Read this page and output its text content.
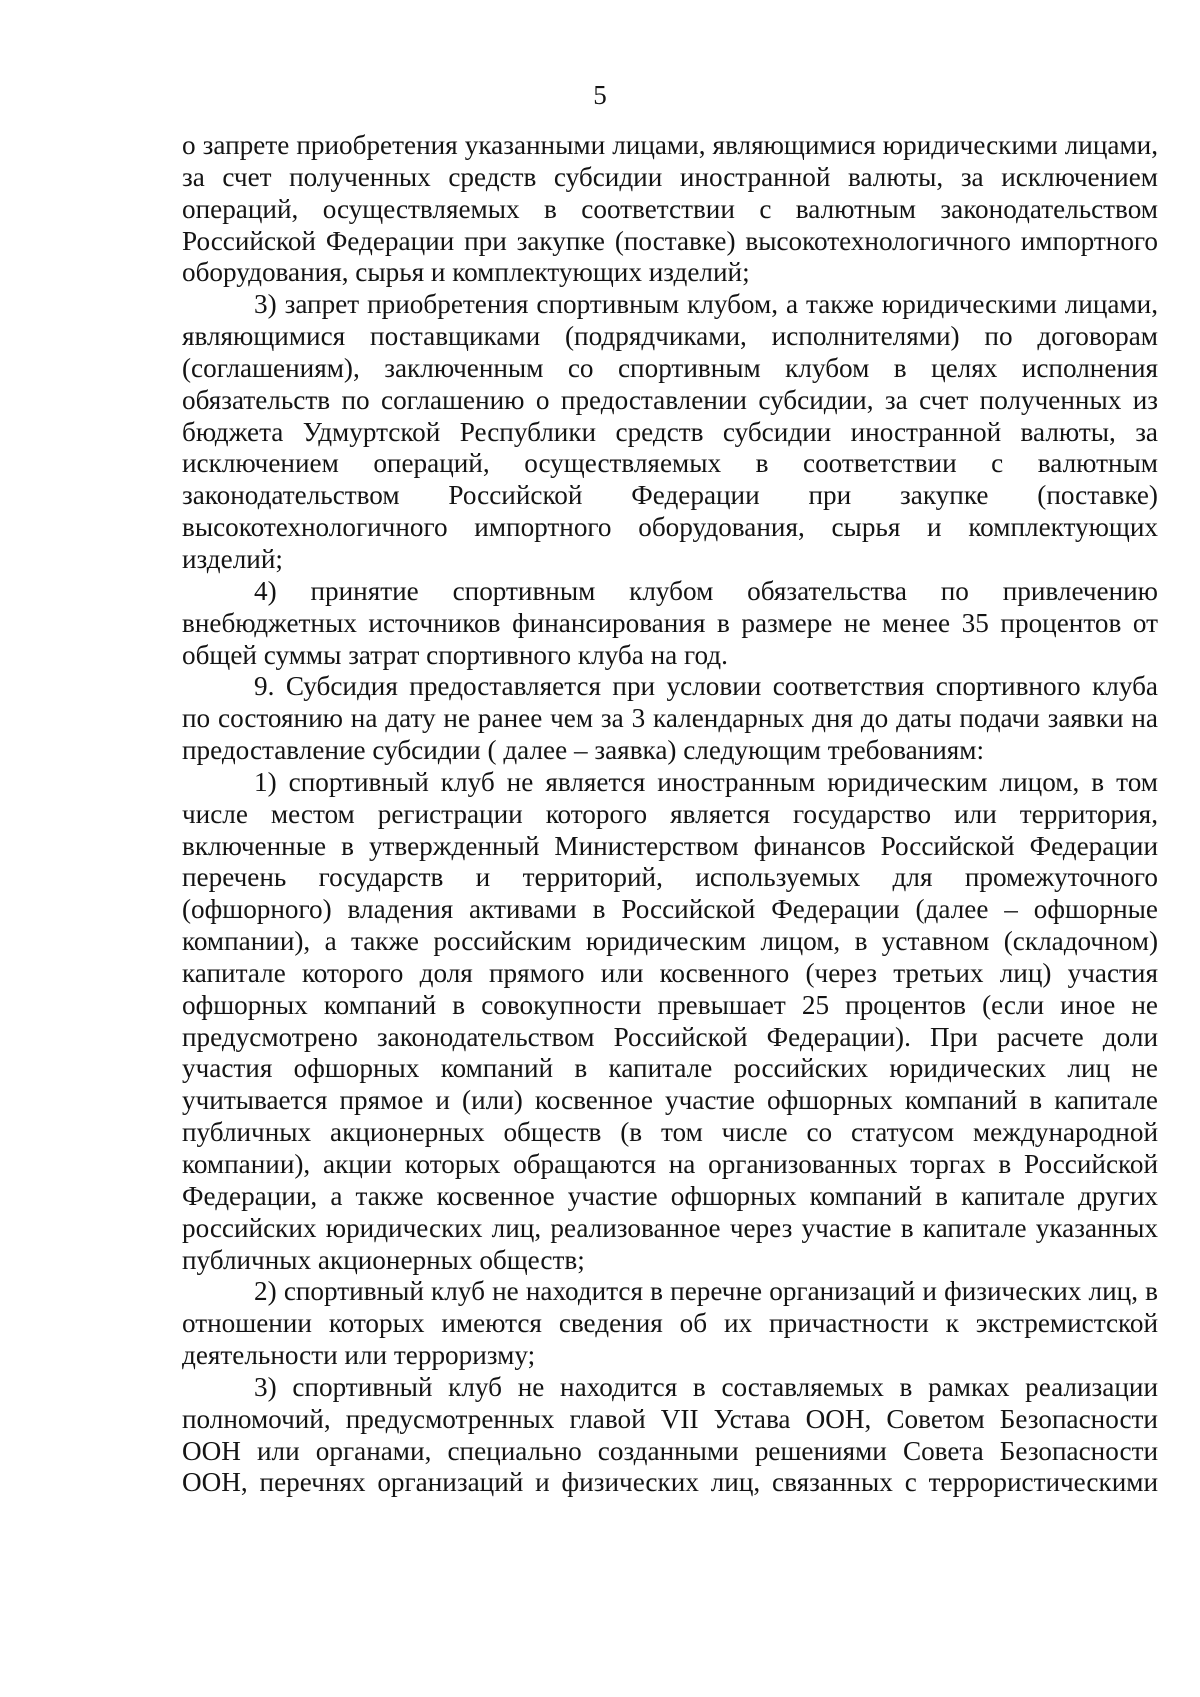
5

о запрете приобретения указанными лицами, являющимися юридическими лицами, за счет полученных средств субсидии иностранной валюты, за исключением операций, осуществляемых в соответствии с валютным законодательством Российской Федерации при закупке (поставке) высокотехнологичного импортного оборудования, сырья и комплектующих изделий;

3) запрет приобретения спортивным клубом, а также юридическими лицами, являющимися поставщиками (подрядчиками, исполнителями) по договорам (соглашениям), заключенным со спортивным клубом в целях исполнения обязательств по соглашению о предоставлении субсидии, за счет полученных из бюджета Удмуртской Республики средств субсидии иностранной валюты, за исключением операций, осуществляемых в соответствии с валютным законодательством Российской Федерации при закупке (поставке) высокотехнологичного импортного оборудования, сырья и комплектующих изделий;

4) принятие спортивным клубом обязательства по привлечению внебюджетных источников финансирования в размере не менее 35 процентов от общей суммы затрат спортивного клуба на год.

9. Субсидия предоставляется при условии соответствия спортивного клуба по состоянию на дату не ранее чем за 3 календарных дня до даты подачи заявки на предоставление субсидии ( далее – заявка) следующим требованиям:

1) спортивный клуб не является иностранным юридическим лицом, в том числе местом регистрации которого является государство или территория, включенные в утвержденный Министерством финансов Российской Федерации перечень государств и территорий, используемых для промежуточного (офшорного) владения активами в Российской Федерации (далее – офшорные компании), а также российским юридическим лицом, в уставном (складочном) капитале которого доля прямого или косвенного (через третьих лиц) участия офшорных компаний в совокупности превышает 25 процентов (если иное не предусмотрено законодательством Российской Федерации). При расчете доли участия офшорных компаний в капитале российских юридических лиц не учитывается прямое и (или) косвенное участие офшорных компаний в капитале публичных акционерных обществ (в том числе со статусом международной компании), акции которых обращаются на организованных торгах в Российской Федерации, а также косвенное участие офшорных компаний в капитале других российских юридических лиц, реализованное через участие в капитале указанных публичных акционерных обществ;

2) спортивный клуб не находится в перечне организаций и физических лиц, в отношении которых имеются сведения об их причастности к экстремистской деятельности или терроризму;

3) спортивный клуб не находится в составляемых в рамках реализации полномочий, предусмотренных главой VII Устава ООН, Советом Безопасности ООН или органами, специально созданными решениями Совета Безопасности ООН, перечнях организаций и физических лиц, связанных с террористическими
